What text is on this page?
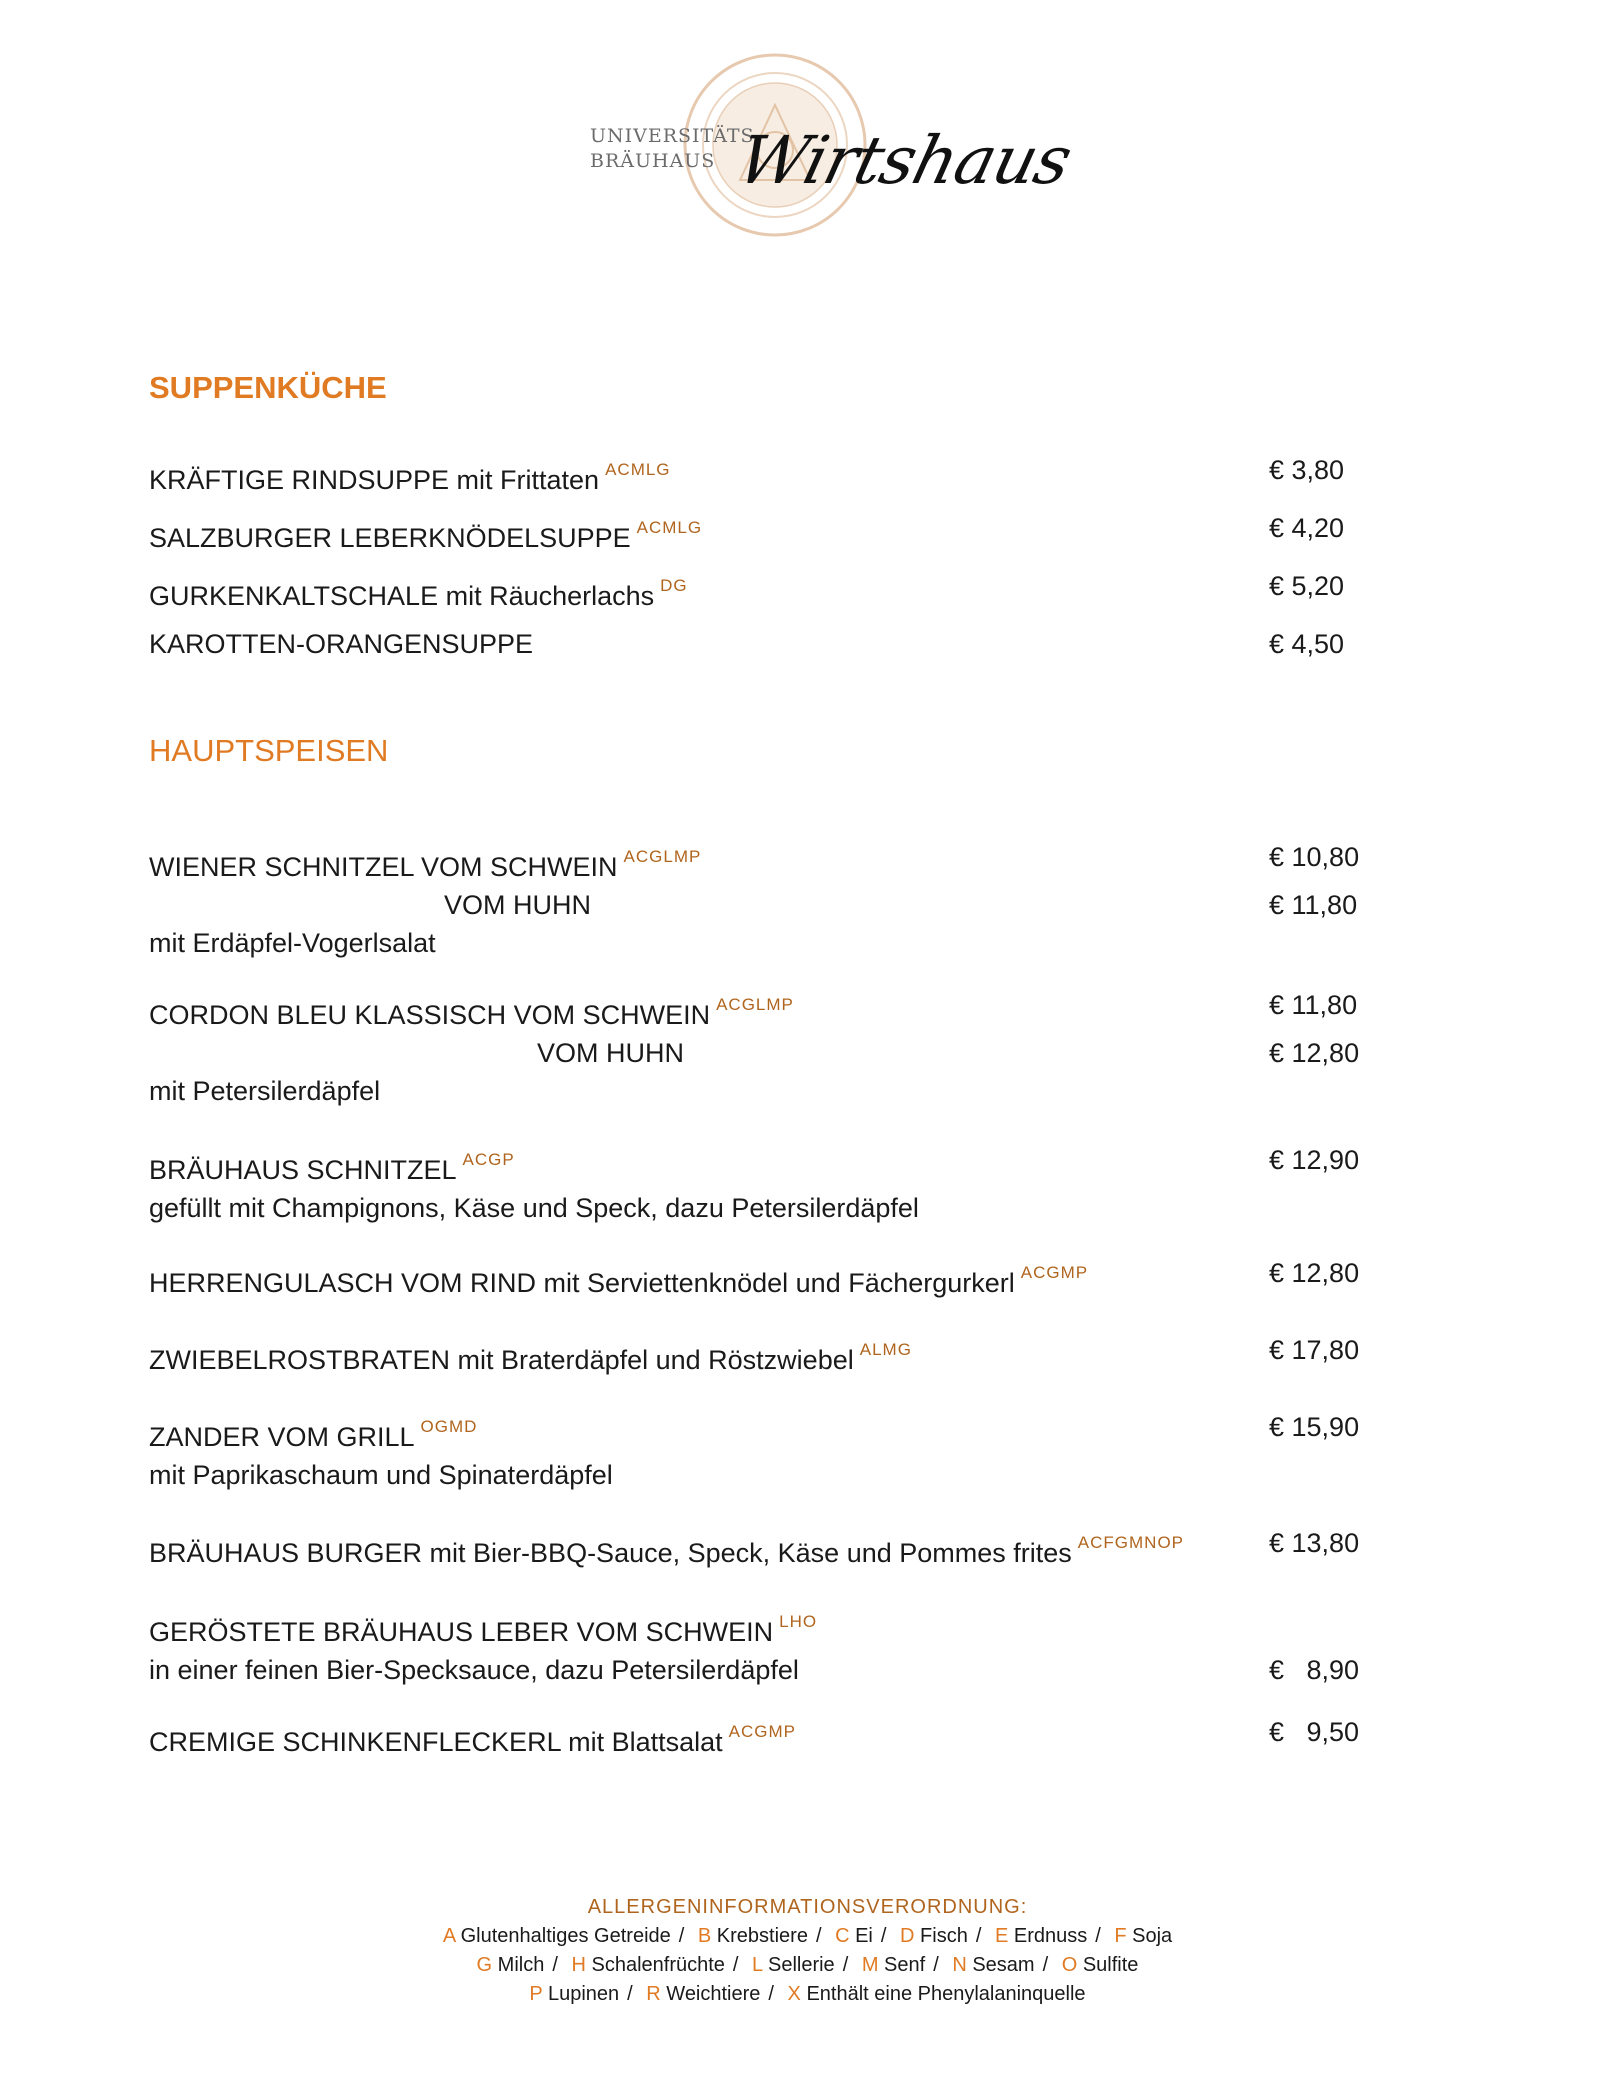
UNIVERSITÄTS
BRÄUHAUS Wirtshaus
SUPPENKÜCHE
KRÄFTIGE RINDSUPPE mit Frittaten $^{ACMLG}$	€ 3,80
SALZBURGER LEBERKNÖDELSUPPE $^{ACMLG}$	€ 4,20
GURKENKALTSCHALE mit Räucherlachs $^{DG}$	€ 5,20
KAROTTEN-ORANGENSUPPE	€ 4,50
HAUPTSPEISEN
WIENER SCHNITZEL VOM SCHWEIN $^{ACGLMP}$	€ 10,80
VOM HUHN	€ 11,80
mit Erdäpfel-Vogerlsalat
CORDON BLEU KLASSISCH VOM SCHWEIN $^{ACGLMP}$	€ 11,80
VOM HUHN	€ 12,80
mit Petersilerdäpfel
BRÄUHAUS SCHNITZEL $^{ACGP}$	€ 12,90
gefüllt mit Champignons, Käse und Speck, dazu Petersilerdäpfel
HERRENGULASCH VOM RIND mit Serviettenknödel und Fächergurkerl $^{ACGMP}$	€ 12,80
ZWIEBELROSTBRATEN mit Braterdäpfel und Röstzwiebel $^{ALMG}$	€ 17,80
ZANDER VOM GRILL $^{OGMD}$	€ 15,90
mit Paprikaschaum und Spinaterdäpfel
BRÄUHAUS BURGER mit Bier-BBQ-Sauce, Speck, Käse und Pommes frites $^{ACFGMNOP}$	€ 13,80
GERÖSTETE BRÄUHAUS LEBER VOM SCHWEIN $^{LHO}$
in einer feinen Bier-Specksauce, dazu Petersilerdäpfel	€   8,90
CREMIGE SCHINKENFLECKERL mit Blattsalat $^{ACGMP}$	€   9,50
ALLERGENINFORMATIONSVERORDNUNG:
A Glutenhaltiges Getreide / B Krebstiere / C Ei / D Fisch / E Erdnuss / F Soja
G Milch / H Schalenfrüchte / L Sellerie / M Senf / N Sesam / O Sulfite
P Lupinen / R Weichtiere / X Enthält eine Phenylalaninquelle
